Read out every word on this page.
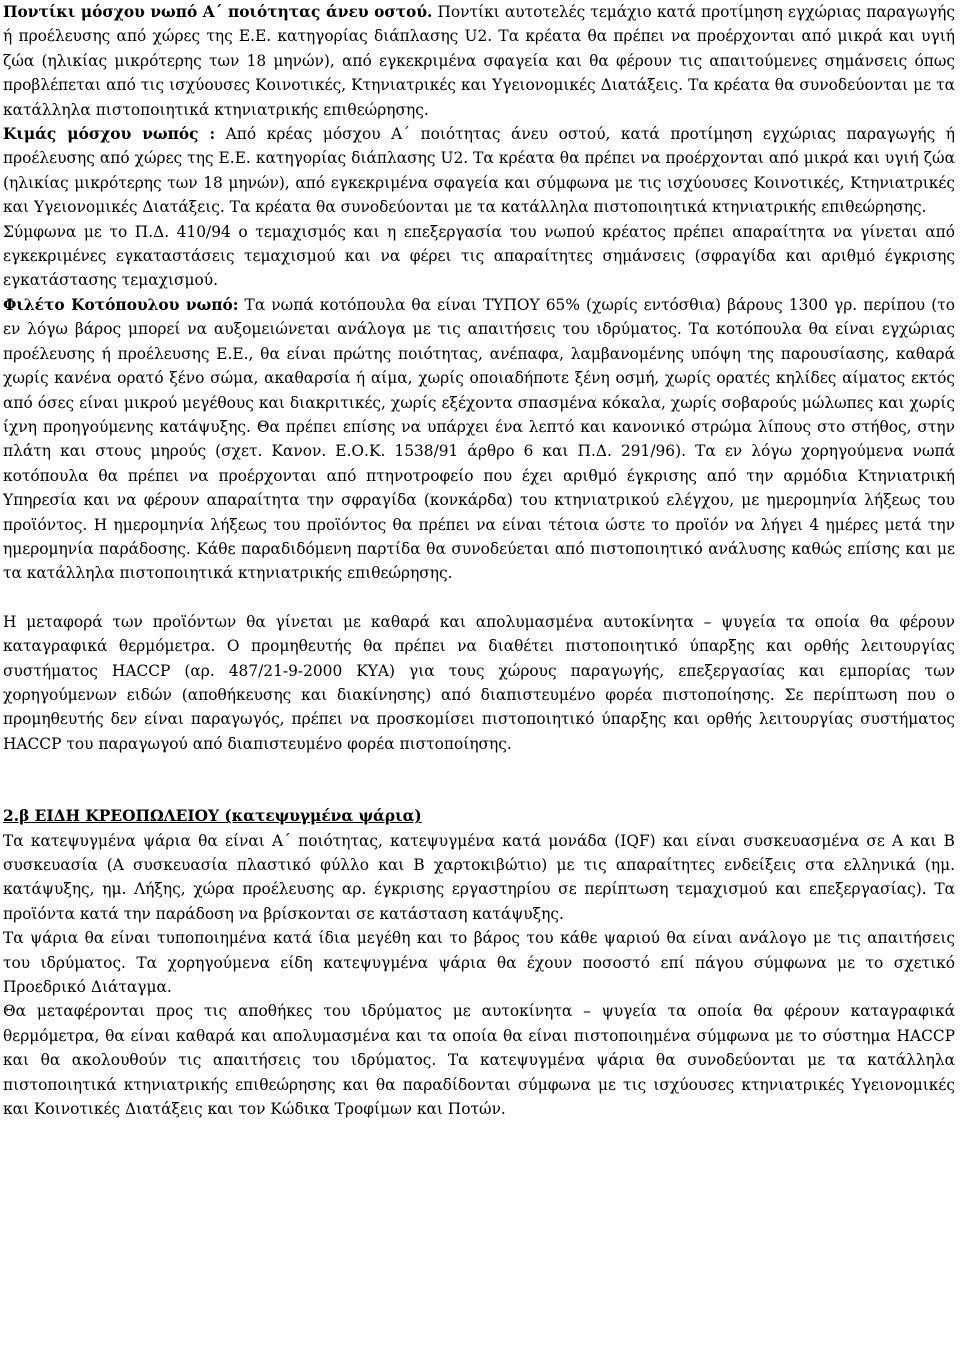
Ποντίκι μόσχου νωπό Α΄ ποιότητας άνευ οστού. Ποντίκι αυτοτελές τεμάχιο κατά προτίμηση εγχώριας παραγωγής ή προέλευσης από χώρες της Ε.Ε. κατηγορίας διάπλασης U2. Τα κρέατα θα πρέπει να προέρχονται από μικρά και υγιή ζώα (ηλικίας μικρότερης των 18 μηνών), από εγκεκριμένα σφαγεία και θα φέρουν τις απαιτούμενες σημάνσεις όπως προβλέπεται από τις ισχύουσες Κοινοτικές, Κτηνιατρικές και Υγειονομικές Διατάξεις. Τα κρέατα θα συνοδεύονται με τα κατάλληλα πιστοποιητικά κτηνιατρικής επιθεώρησης.

Κιμάς μόσχου νωπός : Από κρέας μόσχου Α΄ ποιότητας άνευ οστού, κατά προτίμηση εγχώριας παραγωγής ή προέλευσης από χώρες της Ε.Ε. κατηγορίας διάπλασης U2. Τα κρέατα θα πρέπει να προέρχονται από μικρά και υγιή ζώα (ηλικίας μικρότερης των 18 μηνών), από εγκεκριμένα σφαγεία και σύμφωνα με τις ισχύουσες Κοινοτικές, Κτηνιατρικές και Υγειονομικές Διατάξεις. Τα κρέατα θα συνοδεύονται με τα κατάλληλα πιστοποιητικά κτηνιατρικής επιθεώρησης.

Σύμφωνα με το Π.Δ. 410/94 ο τεμαχισμός και η επεξεργασία του νωπού κρέατος πρέπει απαραίτητα να γίνεται από εγκεκριμένες εγκαταστάσεις τεμαχισμού και να φέρει τις απαραίτητες σημάνσεις (σφραγίδα και αριθμό έγκρισης εγκατάστασης τεμαχισμού.

Φιλέτο Κοτόπουλου νωπό: Τα νωπά κοτόπουλα θα είναι ΤΥΠΟΥ 65% (χωρίς εντόσθια) βάρους 1300 γρ. περίπου (το εν λόγω βάρος μπορεί να αυξομειώνεται ανάλογα με τις απαιτήσεις του ιδρύματος. Τα κοτόπουλα θα είναι εγχώριας προέλευσης ή προέλευσης Ε.Ε., θα είναι πρώτης ποιότητας, ανέπαφα, λαμβανομένης υπόψη της παρουσίασης, καθαρά χωρίς κανένα ορατό ξένο σώμα, ακαθαρσία ή αίμα, χωρίς οποιαδήποτε ξένη οσμή, χωρίς ορατές κηλίδες αίματος εκτός από όσες είναι μικρού μεγέθους και διακριτικές, χωρίς εξέχοντα σπασμένα κόκαλα, χωρίς σοβαρούς μώλωπες και χωρίς ίχνη προηγούμενης κατάψυξης. Θα πρέπει επίσης να υπάρχει ένα λεπτό και κανονικό στρώμα λίπους στο στήθος, στην πλάτη και στους μηρούς (σχετ. Κανον. Ε.Ο.Κ. 1538/91 άρθρο 6 και Π.Δ. 291/96). Τα εν λόγω χορηγούμενα νωπά κοτόπουλα θα πρέπει να προέρχονται από πτηνοτροφείο που έχει αριθμό έγκρισης από την αρμόδια Κτηνιατρική Υπηρεσία και να φέρουν απαραίτητα την σφραγίδα (κονκάρδα) του κτηνιατρικού ελέγχου, με ημερομηνία λήξεως του προϊόντος. Η ημερομηνία λήξεως του προϊόντος θα πρέπει να είναι τέτοια ώστε το προϊόν να λήγει 4 ημέρες μετά την ημερομηνία παράδοσης. Κάθε παραδιδόμενη παρτίδα θα συνοδεύεται από πιστοποιητικό ανάλυσης καθώς επίσης και με τα κατάλληλα πιστοποιητικά κτηνιατρικής επιθεώρησης.

Η μεταφορά των προϊόντων θα γίνεται με καθαρά και απολυμασμένα αυτοκίνητα – ψυγεία τα οποία θα φέρουν καταγραφικά θερμόμετρα. Ο προμηθευτής θα πρέπει να διαθέτει πιστοποιητικό ύπαρξης και ορθής λειτουργίας συστήματος HACCP (αρ. 487/21-9-2000 ΚΥΑ) για τους χώρους παραγωγής, επεξεργασίας και εμπορίας των χορηγούμενων ειδών (αποθήκευσης και διακίνησης) από διαπιστευμένο φορέα πιστοποίησης. Σε περίπτωση που ο προμηθευτής δεν είναι παραγωγός, πρέπει να προσκομίσει πιστοποιητικό ύπαρξης και ορθής λειτουργίας συστήματος HACCP του παραγωγού από διαπιστευμένο φορέα πιστοποίησης.

2.β ΕΙΔΗ ΚΡΕΟΠΩΛΕΙΟΥ (κατεψυγμένα ψάρια)

Τα κατεψυγμένα ψάρια θα είναι Α΄ ποιότητας, κατεψυγμένα κατά μονάδα (IQF) και είναι συσκευασμένα σε Α και Β συσκευασία (Α συσκευασία πλαστικό φύλλο και Β χαρτοκιβώτιο) με τις απαραίτητες ενδείξεις στα ελληνικά (ημ. κατάψυξης, ημ. Λήξης, χώρα προέλευσης αρ. έγκρισης εργαστηρίου σε περίπτωση τεμαχισμού και επεξεργασίας). Τα προϊόντα κατά την παράδοση να βρίσκονται σε κατάσταση κατάψυξης.

Τα ψάρια θα είναι τυποποιημένα κατά ίδια μεγέθη και το βάρος του κάθε ψαριού θα είναι ανάλογο με τις απαιτήσεις του ιδρύματος. Τα χορηγούμενα είδη κατεψυγμένα ψάρια θα έχουν ποσοστό επί πάγου σύμφωνα με το σχετικό Προεδρικό Διάταγμα.

Θα μεταφέρονται προς τις αποθήκες του ιδρύματος με αυτοκίνητα – ψυγεία τα οποία θα φέρουν καταγραφικά θερμόμετρα, θα είναι καθαρά και απολυμασμένα και τα οποία θα είναι πιστοποιημένα σύμφωνα με το σύστημα HACCP και θα ακολουθούν τις απαιτήσεις του ιδρύματος. Τα κατεψυγμένα ψάρια θα συνοδεύονται με τα κατάλληλα πιστοποιητικά κτηνιατρικής επιθεώρησης και θα παραδίδονται σύμφωνα με τις ισχύουσες κτηνιατρικές Υγειονομικές και Κοινοτικές Διατάξεις και τον Κώδικα Τροφίμων και Ποτών.
